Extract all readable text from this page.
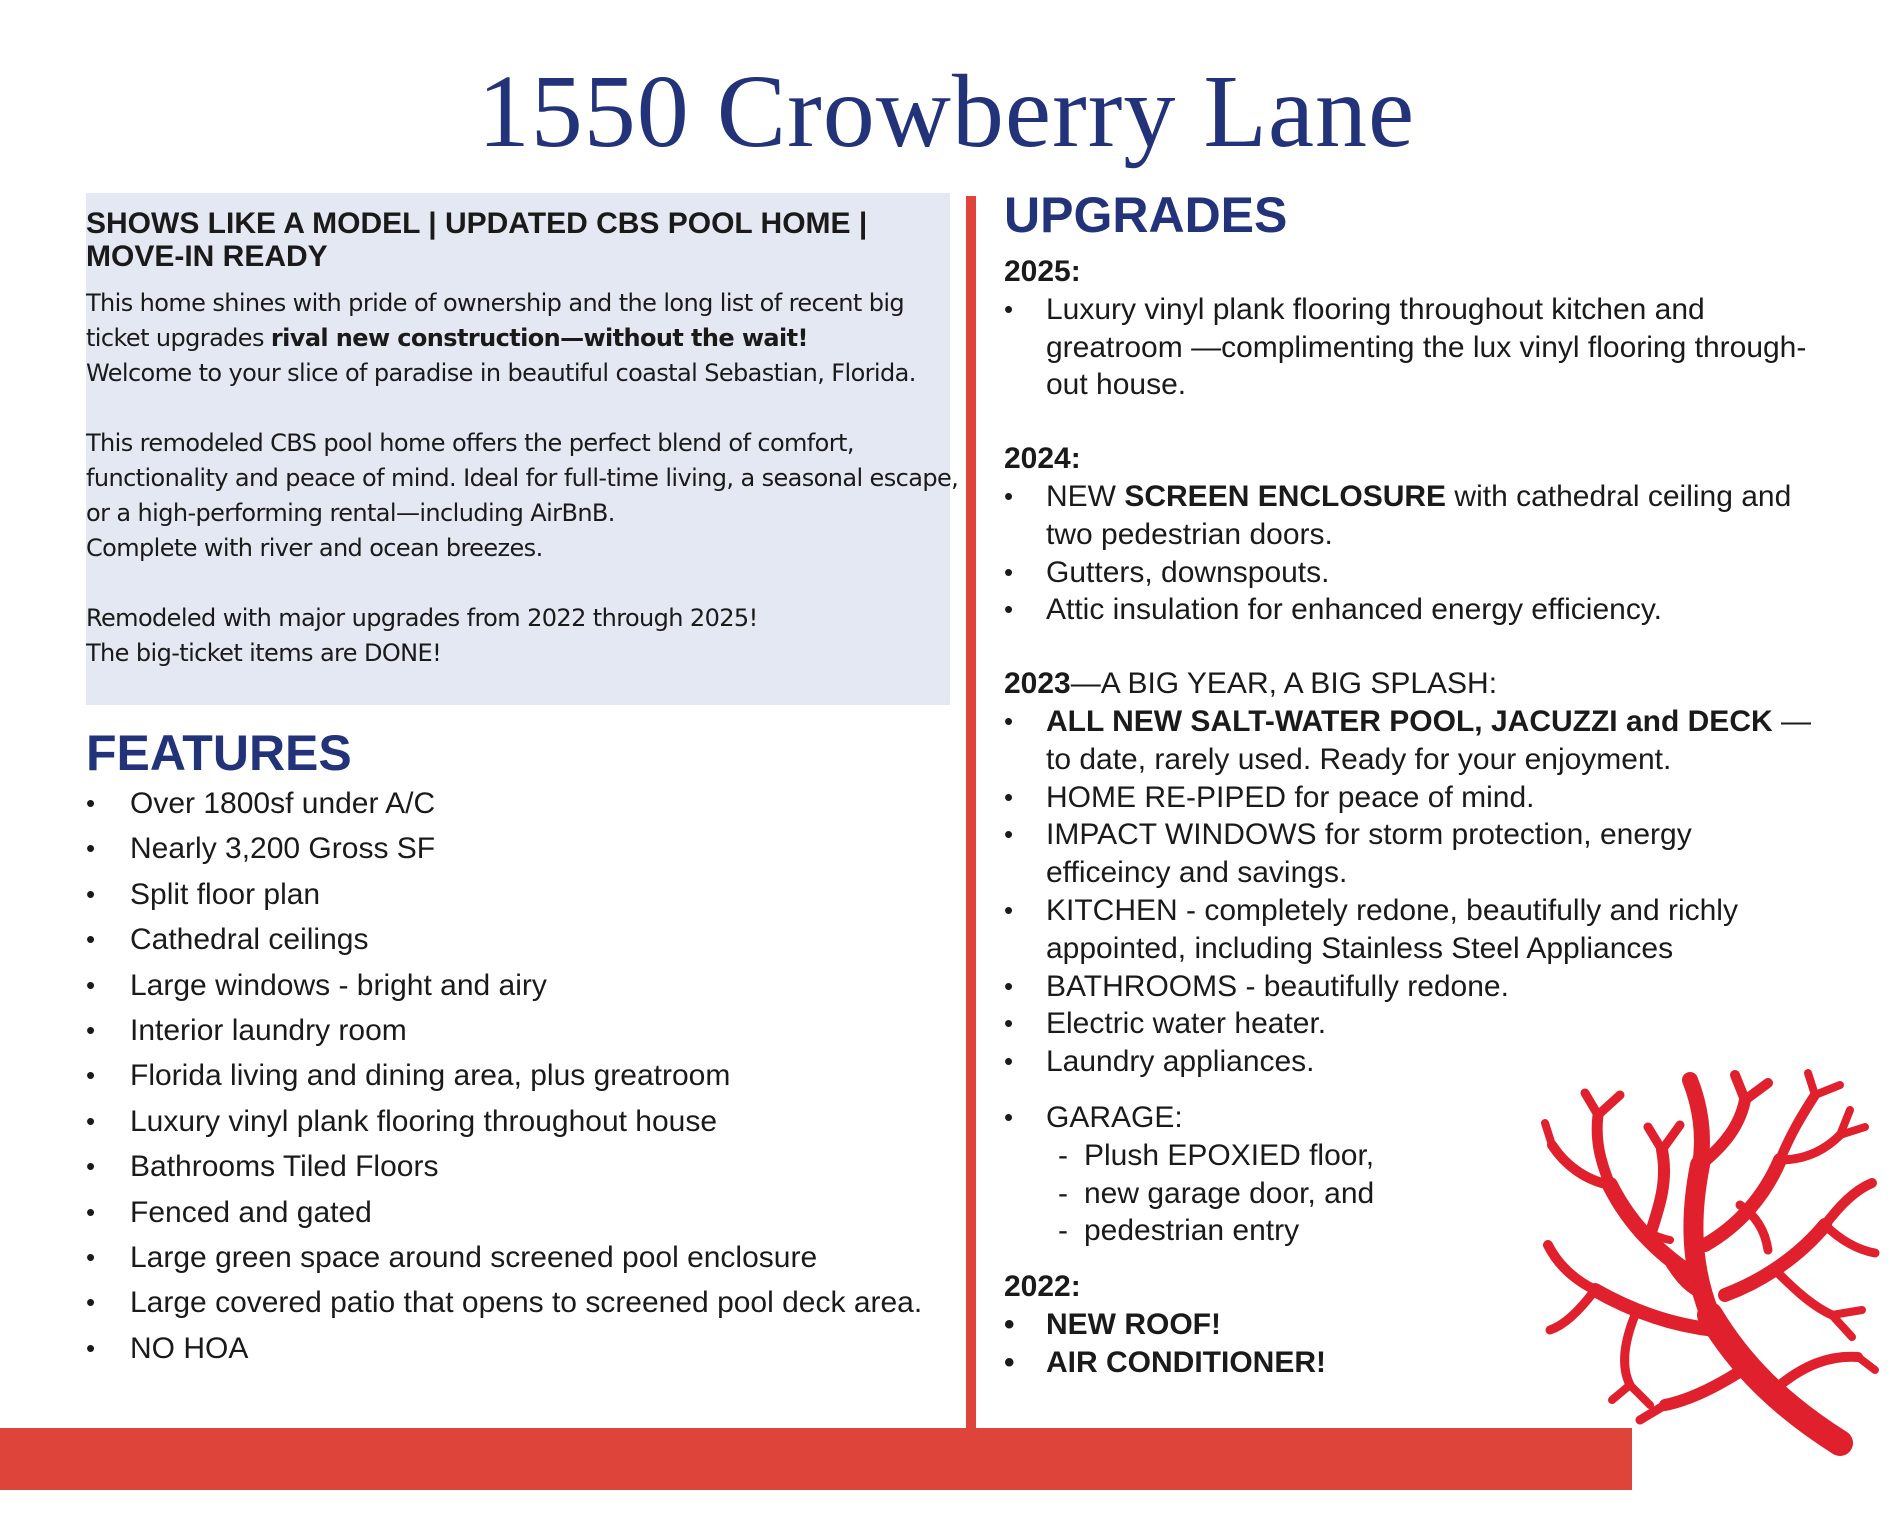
1550 Crowberry Lane
SHOWS LIKE A MODEL | UPDATED CBS POOL HOME | MOVE-IN READY

This home shines with pride of ownership and the long list of recent big

ticket upgrades rival new construction—without the wait!

Welcome to your slice of paradise in beautiful coastal Sebastian, Florida.

This remodeled CBS pool home offers the perfect blend of comfort,

functionality and peace of mind. Ideal for full-time living, a seasonal escape,

or a high-performing rental—including AirBnB.

Complete with river and ocean breezes.

Remodeled with major upgrades from 2022 through 2025!

The big-ticket items are DONE!

FEATURES
• Over 1800sf under A/C
• Nearly 3,200 Gross SF
• Split floor plan
• Cathedral ceilings
• Large windows - bright and airy
• Interior laundry room
• Florida living and dining area, plus greatroom
• Luxury vinyl plank flooring throughout house
• Bathrooms Tiled Floors
• Fenced and gated
• Large green space around screened pool enclosure
• Large covered patio that opens to screened pool deck area.
• NO HOA
UPGRADES

2025:

• Luxury vinyl plank flooring throughout kitchen and
greatroom —complimenting the lux vinyl flooring through-
out house.

2024:

• NEW SCREEN ENCLOSURE with cathedral ceiling and
two pedestrian doors.
• Gutters, downspouts.
• Attic insulation for enhanced energy efficiency.

2023—A BIG YEAR, A BIG SPLASH:

• ALL NEW SALT-WATER POOL, JACUZZI and DECK —
to date, rarely used. Ready for your enjoyment.
• HOME RE-PIPED for peace of mind.
• IMPACT WINDOWS for storm protection, energy
efficeincy and savings.
• KITCHEN - completely redone, beautifully and richly
appointed, including Stainless Steel Appliances
• BATHROOMS - beautifully redone.
• Electric water heater.
• Laundry appliances.
• GARAGE:
- Plush EPOXIED floor,
- new garage door, and
- pedestrian entry

2022:

• NEW ROOF!
• AIR CONDITIONER!
